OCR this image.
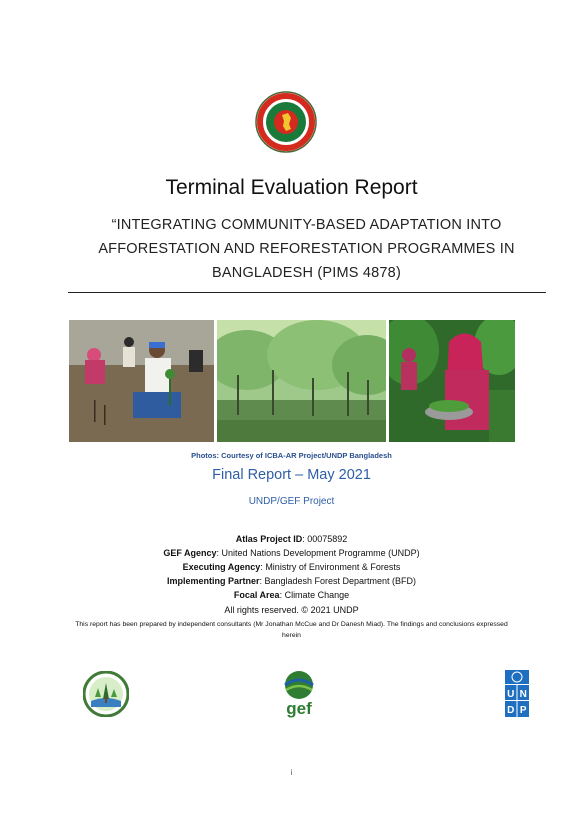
Terminal Evaluation Report
“INTEGRATING COMMUNITY-BASED ADAPTATION INTO AFFORESTATION AND REFORESTATION PROGRAMMES IN BANGLADESH (PIMS 4878)
Photos: Courtesy of ICBA-AR Project/UNDP Bangladesh
Final Report – May 2021
UNDP/GEF Project
Atlas Project ID: 00075892
GEF Agency: United Nations Development Programme (UNDP)
Executing Agency: Ministry of Environment & Forests
Implementing Partner: Bangladesh Forest Department (BFD)
Focal Area: Climate Change
All rights reserved. © 2021 UNDP
This report has been prepared by independent consultants (Mr Jonathan McCue and Dr Danesh Miad). The findings and conclusions expressed herein
gef
U N
D P
i
